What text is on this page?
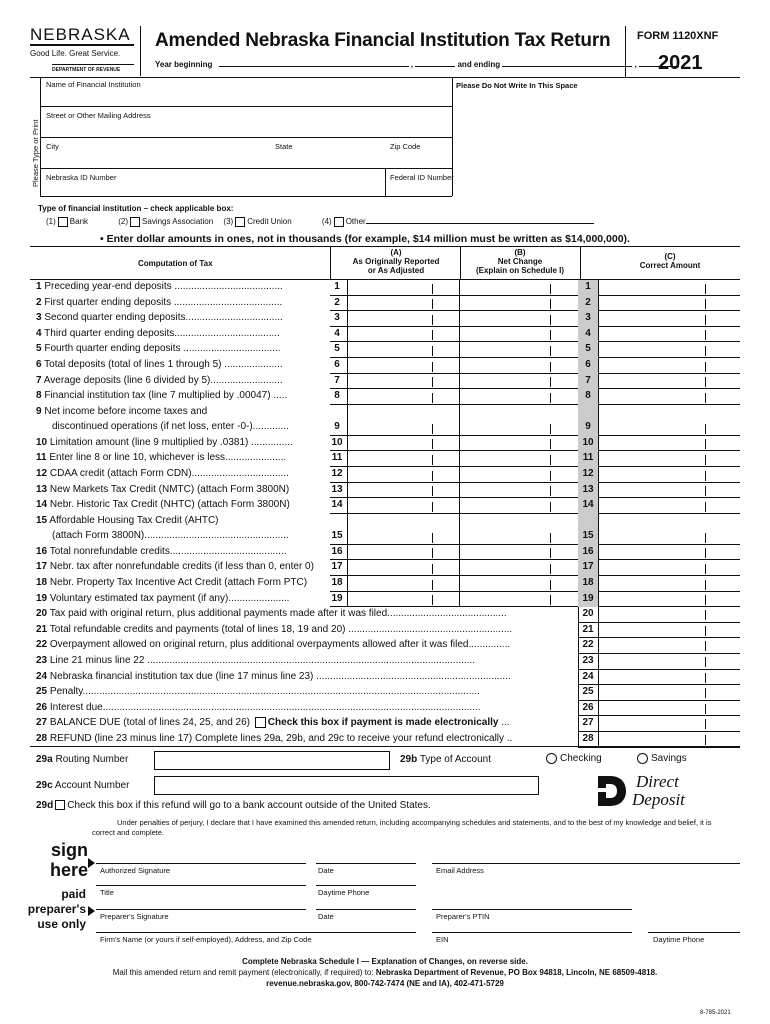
NEBRASKA
Good Life. Great Service.
DEPARTMENT OF REVENUE
Amended Nebraska Financial Institution Tax Return
Year beginning	,	and ending	,
FORM 1120XNF
2021
Please Type or Print
Name of Financial Institution	Please Do Not Write In This Space
Street or Other Mailing Address
City	State	Zip Code
Nebraska ID Number	Federal ID Number
Type of financial institution – check applicable box:
(1) Bank	(2) Savings Association (3) Credit Union	(4) Other
• Enter dollar amounts in ones, not in thousands (for example, $14 million must be written as $14,000,000).
Computation of Tax
(A)
As Originally Reported
or As Adjusted
(B)
Net Change
(Explain on Schedule I)
(C)
Correct Amount
1 Preceding year-end deposits .......................................	1	1
2 First quarter ending deposits .......................................	2	2
3 Second quarter ending deposits...................................	3	3
4 Third quarter ending deposits......................................	4	4
5 Fourth quarter ending deposits ...................................	5	5
6 Total deposits (total of lines 1 through 5) .....................	6	6
7 Average deposits (line 6 divided by 5)..........................	7	7
8 Financial institution tax (line 7 multiplied by .00047) .....	8	8
9 Net income before income taxes and
discontinued operations (if net loss, enter -0-).............	9	9
10 Limitation amount (line 9 multiplied by .0381) ...............	10	10
11 Enter line 8 or line 10, whichever is less......................	11	11
12 CDAA credit (attach Form CDN)...................................	12	12
13 New Markets Tax Credit (NMTC) (attach Form 3800N)	13	13
14 Nebr. Historic Tax Credit (NHTC) (attach Form 3800N)	14	14
15 Affordable Housing Tax Credit (AHTC)
(attach Form 3800N)....................................................	15	15
16 Total nonrefundable credits..........................................	16	16
17 Nebr. tax after nonrefundable credits (if less than 0, enter 0)	17	17
18 Nebr. Property Tax Incentive Act Credit (attach Form PTC)	18	18
19 Voluntary estimated tax payment (if any)......................	19	19
20 Tax paid with original return, plus additional payments made after it was filed...........................................	20
21 Total refundable credits and payments (total of lines 18, 19 and 20) ...........................................................	21
22 Overpayment allowed on original return, plus additional overpayments allowed after it was filed...............	22
23 Line 21 minus line 22 ......................................................................................................................	23
24 Nebraska financial institution tax due (line 17 minus line 23) ......................................................................	24
25 Penalty...............................................................................................................................................	25
26 Interest due........................................................................................................................................	26
27 BALANCE DUE (total of lines 24, 25, and 26) Check this box if payment is made electronically ...	27
28 REFUND (line 23 minus line 17) Complete lines 29a, 29b, and 29c to receive your refund electronically ..	28
29a Routing Number	29b Type of Account	Checking	Savings
29c Account Number
29d Check this box if this refund will go to a bank account outside of the United States.
Direct
Deposit
Under penalties of perjury, I declare that I have examined this amended return, including accompanying schedules and statements, and to the best of my knowledge and belief, it is correct and complete.
sign
here Authorized Signature	Date	Email Address
Title	Daytime Phone
paid
preparer's
use only
Preparer's Signature	Date	Preparer's PTIN
Firm's Name (or yours if self-employed), Address, and Zip Code	EIN	Daytime Phone
Complete Nebraska Schedule I — Explanation of Changes, on reverse side.
Mail this amended return and remit payment (electronically, if required) to: Nebraska Department of Revenue, PO Box 94818, Lincoln, NE 68509-4818.
revenue.nebraska.gov, 800-742-7474 (NE and IA), 402-471-5729
8-785-2021
